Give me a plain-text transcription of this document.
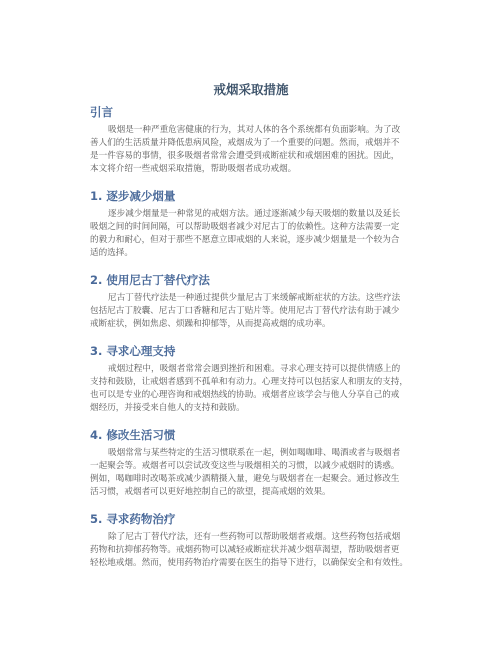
戒烟采取措施
引言
吸烟是一种严重危害健康的行为，其对人体的各个系统都有负面影响。为了改
善人们的生活质量并降低患病风险，戒烟成为了一个重要的问题。然而，戒烟并不
是一件容易的事情，很多吸烟者常常会遭受到戒断症状和戒烟困难的困扰。因此，
本文将介绍一些戒烟采取措施，帮助吸烟者成功戒烟。
1. 逐步减少烟量
逐步减少烟量是一种常见的戒烟方法。通过逐渐减少每天吸烟的数量以及延长
吸烟之间的时间间隔，可以帮助吸烟者减少对尼古丁的依赖性。这种方法需要一定
的毅力和耐心，但对于那些不愿意立即戒烟的人来说，逐步减少烟量是一个较为合
适的选择。
2. 使用尼古丁替代疗法
尼古丁替代疗法是一种通过提供少量尼古丁来缓解戒断症状的方法。这些疗法
包括尼古丁胶囊、尼古丁口香糖和尼古丁贴片等。使用尼古丁替代疗法有助于减少
戒断症状，例如焦虑、烦躁和抑郁等，从而提高戒烟的成功率。
3. 寻求心理支持
戒烟过程中，吸烟者常常会遇到挫折和困难。寻求心理支持可以提供情感上的
支持和鼓励，让戒烟者感到不孤单和有动力。心理支持可以包括家人和朋友的支持，
也可以是专业的心理咨询和戒烟热线的协助。戒烟者应该学会与他人分享自己的戒
烟经历，并接受来自他人的支持和鼓励。
4. 修改生活习惯
吸烟常常与某些特定的生活习惯联系在一起，例如喝咖啡、喝酒或者与吸烟者
一起聚会等。戒烟者可以尝试改变这些与吸烟相关的习惯，以减少戒烟时的诱惑。
例如，喝咖啡时改喝茶或减少酒精摄入量，避免与吸烟者在一起聚会。通过修改生
活习惯，戒烟者可以更好地控制自己的欲望，提高戒烟的效果。
5. 寻求药物治疗
除了尼古丁替代疗法，还有一些药物可以帮助吸烟者戒烟。这些药物包括戒烟
药物和抗抑郁药物等。戒烟药物可以减轻戒断症状并减少烟草渴望，帮助吸烟者更
轻松地戒烟。然而，使用药物治疗需要在医生的指导下进行，以确保安全和有效性。
